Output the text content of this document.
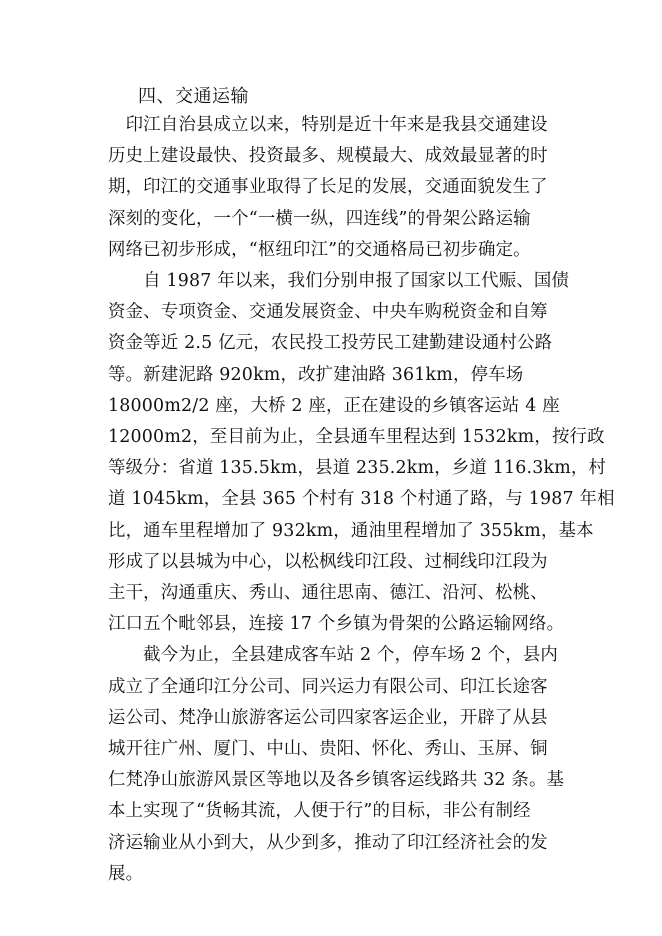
四、交通运输

　印江自治县成立以来，特别是近十年来是我县交通建设
历史上建设最快、投资最多、规模最大、成效最显著的时
期，印江的交通事业取得了长足的发展，交通面貌发生了
深刻的变化，一个“一横一纵，四连线”的骨架公路运输
网络已初步形成，“枢纽印江”的交通格局已初步确定。

　　自 1987 年以来，我们分别申报了国家以工代赈、国债
资金、专项资金、交通发展资金、中央车购税资金和自筹
资金等近 2.5 亿元，农民投工投劳民工建勤建设通村公路
等。新建泥路 920km，改扩建油路 361km，停车场
18000m2/2 座，大桥 2 座，正在建设的乡镇客运站 4 座
12000m2，至目前为止，全县通车里程达到 1532km，按行政
等级分：省道 135.5km，县道 235.2km，乡道 116.3km，村
道 1045km，全县 365 个村有 318 个村通了路，与 1987 年相
比，通车里程增加了 932km，通油里程增加了 355km，基本
形成了以县城为中心，以松枫线印江段、过桐线印江段为
主干，沟通重庆、秀山、通往思南、德江、沿河、松桃、
江口五个毗邻县，连接 17 个乡镇为骨架的公路运输网络。

　　截今为止，全县建成客车站 2 个，停车场 2 个，县内
成立了全通印江分公司、同兴运力有限公司、印江长途客
运公司、梵净山旅游客运公司四家客运企业，开辟了从县
城开往广州、厦门、中山、贵阳、怀化、秀山、玉屏、铜
仁梵净山旅游风景区等地以及各乡镇客运线路共 32 条。基
本上实现了“货畅其流，人便于行”的目标，非公有制经
济运输业从小到大，从少到多，推动了印江经济社会的发
展。
